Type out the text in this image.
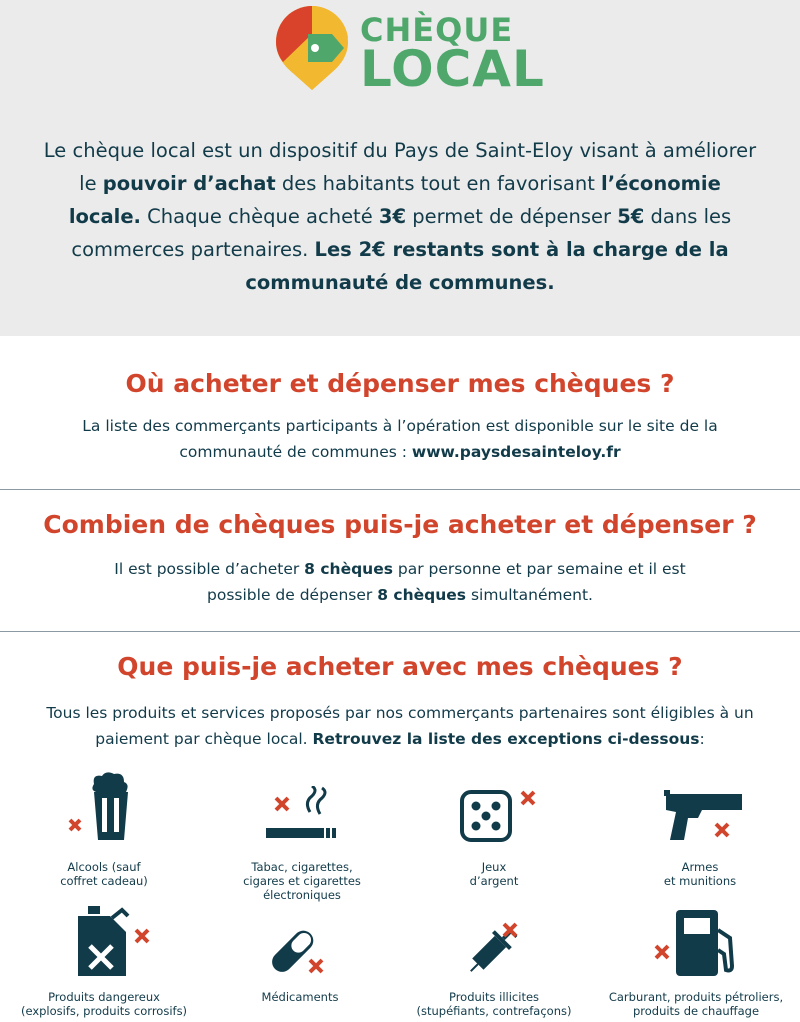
CHÈQUE
LOCAL
Le chèque local est un dispositif du Pays de Saint-Eloy visant à améliorer le pouvoir d’achat des habitants tout en favorisant l’économie locale. Chaque chèque acheté 3€ permet de dépenser 5€ dans les commerces partenaires. Les 2€ restants sont à la charge de la communauté de communes.
Où acheter et dépenser mes chèques ?
La liste des commerçants participants à l’opération est disponible sur le site de la communauté de communes : www.paysdesainteloy.fr
Combien de chèques puis-je acheter et dépenser ?
Il est possible d’acheter 8 chèques par personne et par semaine et il est possible de dépenser 8 chèques simultanément.
Que puis-je acheter avec mes chèques ?
Tous les produits et services proposés par nos commerçants partenaires sont éligibles à un paiement par chèque local. Retrouvez la liste des exceptions ci-dessous:
Alcools (sauf
coffret cadeau)
Tabac, cigarettes,
cigares et cigarettes
électroniques
Jeux
d’argent
Armes
et munitions
Produits dangereux
(explosifs, produits corrosifs)
Médicaments	Produits illicites
(stupéfiants, contrefaçons)
Carburant, produits pétroliers,
produits de chauffage
